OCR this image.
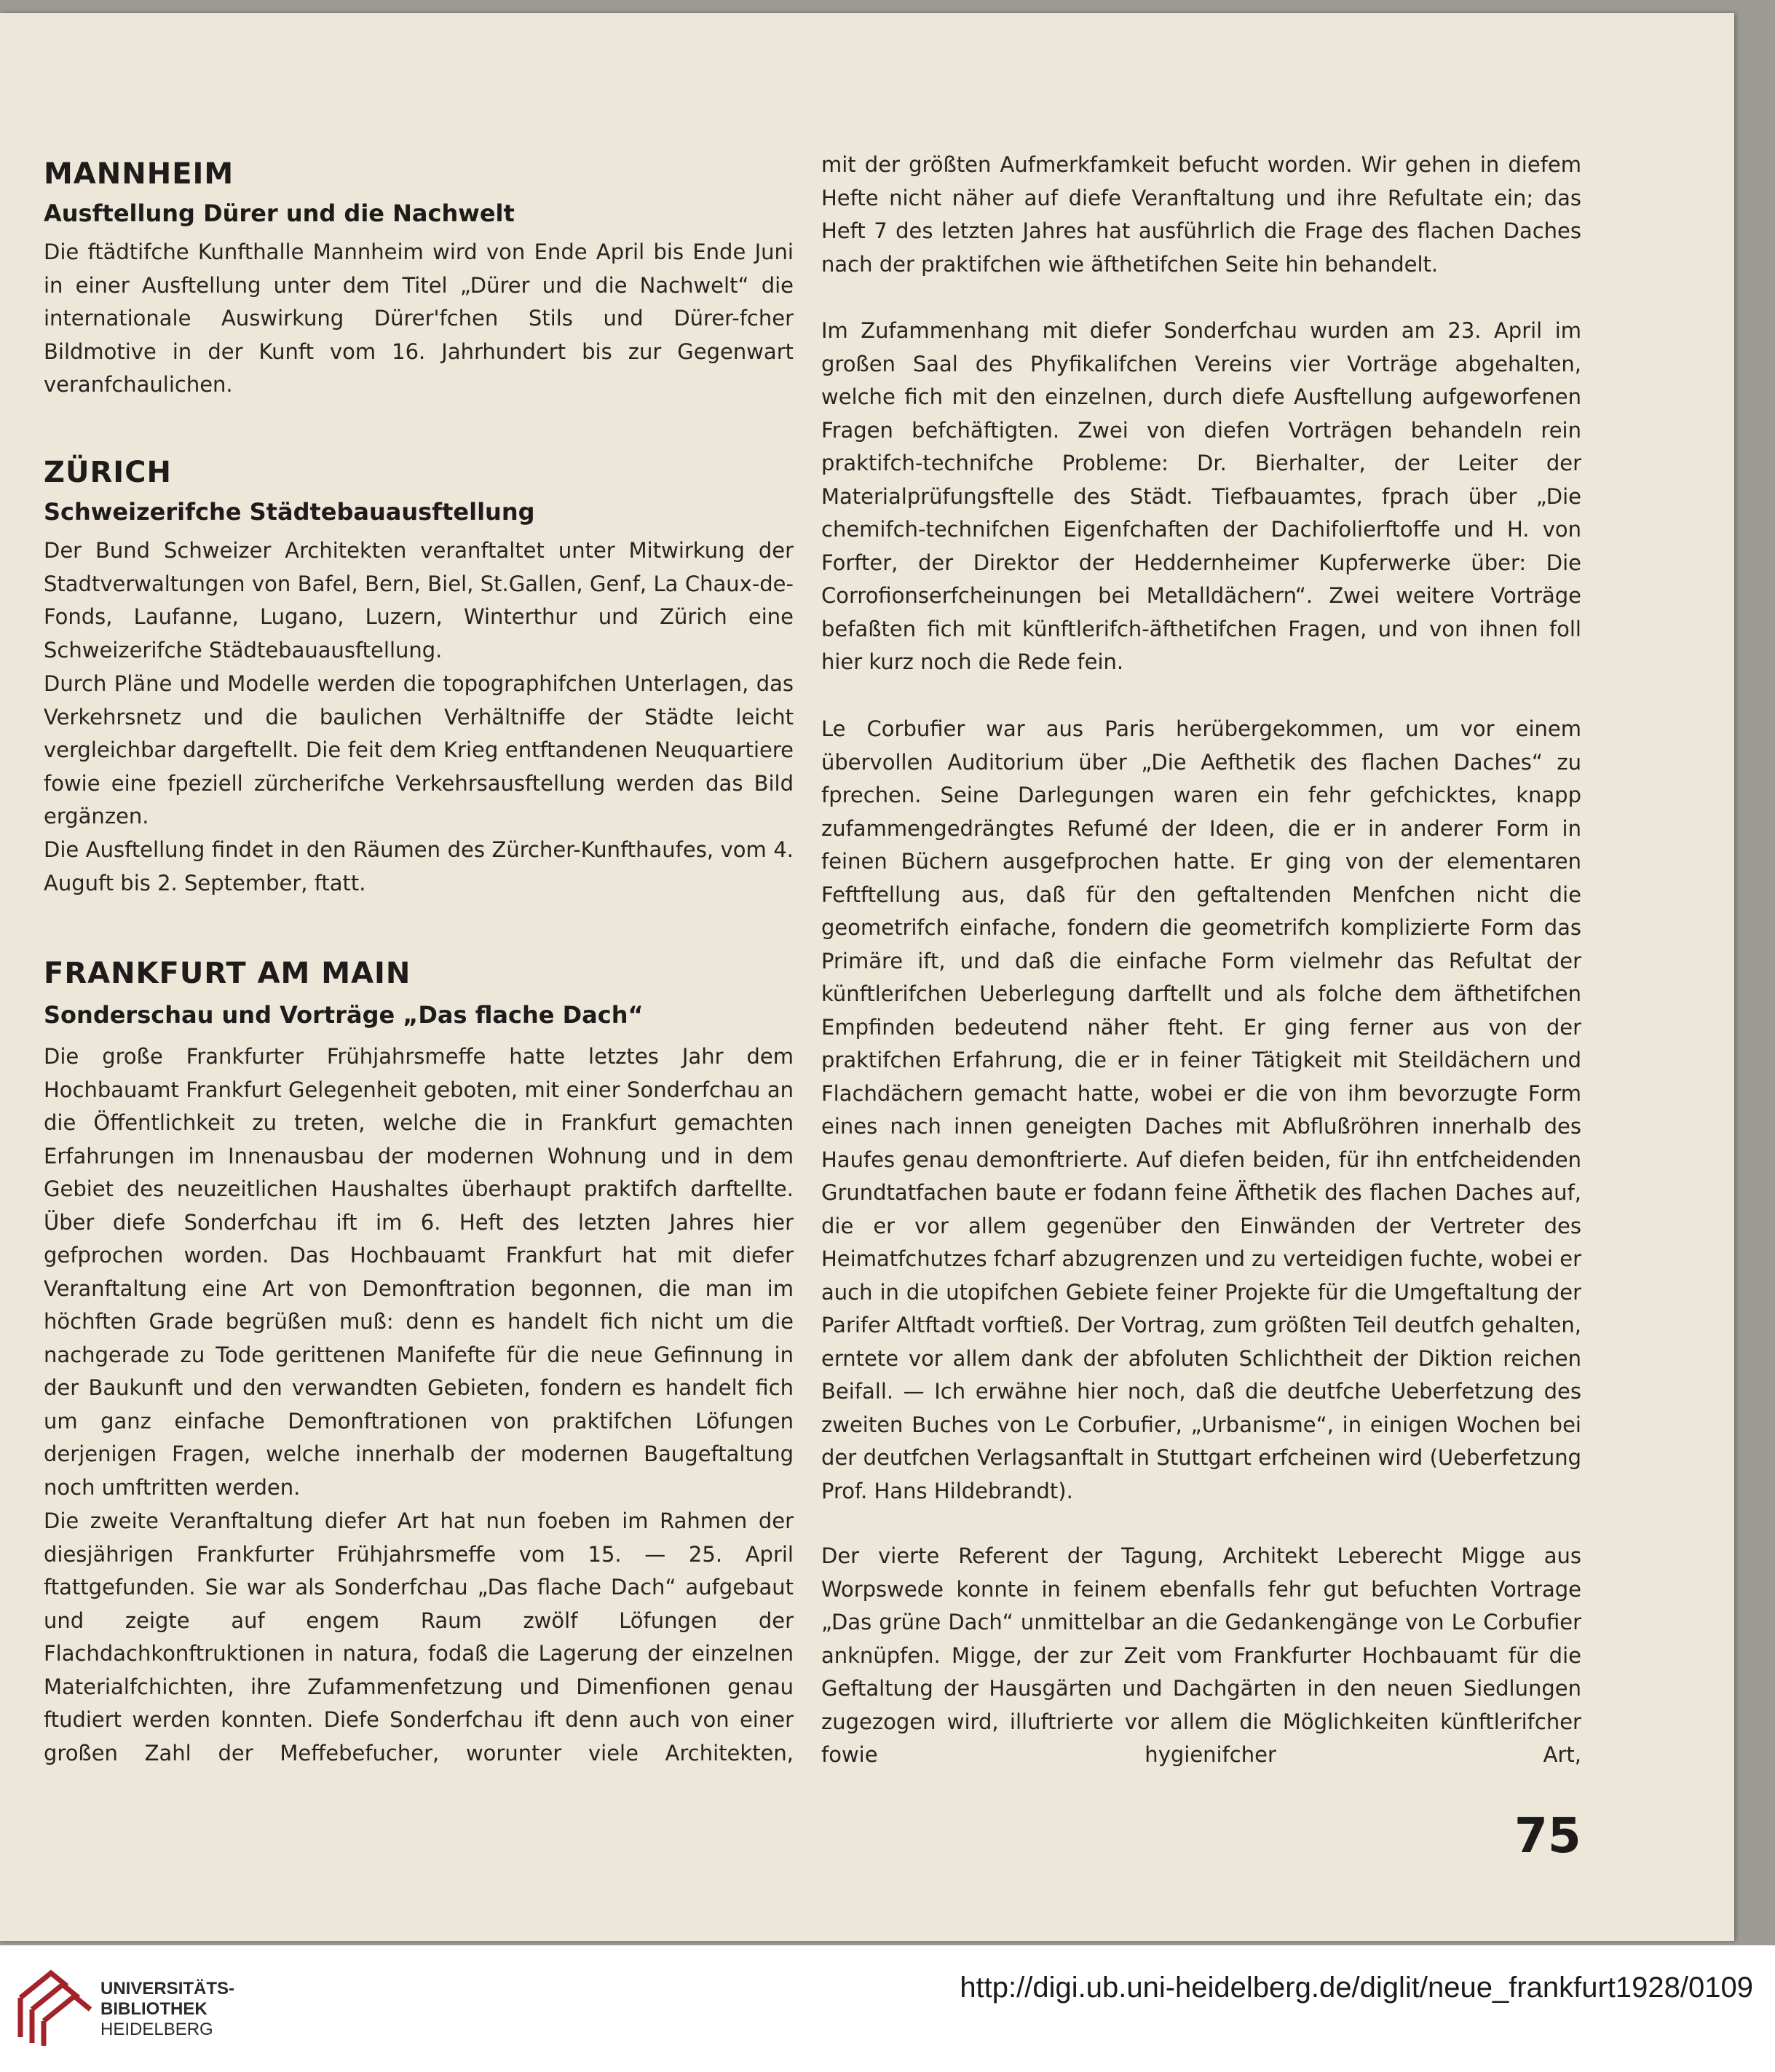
MANNHEIM
Ausftellung Dürer und die Nachwelt

Die ftädtifche Kunfthalle Mannheim wird von Ende April bis Ende Juni in einer Ausftellung unter dem Titel „Dürer und die Nachwelt“ die internationale Auswirkung Dürer'fchen Stils und Dürer-fcher Bildmotive in der Kunft vom 16. Jahrhundert bis zur Gegenwart veranfchaulichen.

ZÜRICH
Schweizerifche Städtebauausftellung

Der Bund Schweizer Architekten veranftaltet unter Mitwirkung der Stadtverwaltungen von Bafel, Bern, Biel, St.Gallen, Genf, La Chaux-de-Fonds, Laufanne, Lugano, Luzern, Winterthur und Zürich eine Schweizerifche Städtebauausftellung.

Durch Pläne und Modelle werden die topographifchen Unterlagen, das Verkehrsnetz und die baulichen Verhältniffe der Städte leicht vergleichbar dargeftellt. Die feit dem Krieg entftandenen Neuquartiere fowie eine fpeziell zürcherifche Verkehrsausftellung werden das Bild ergänzen.

Die Ausftellung findet in den Räumen des Zürcher-Kunfthaufes, vom 4. Auguft bis 2. September, ftatt.

FRANKFURT AM MAIN
Sonderschau und Vorträge „Das flache Dach“

Die große Frankfurter Frühjahrsmeffe hatte letztes Jahr dem Hochbauamt Frankfurt Gelegenheit geboten, mit einer Sonderfchau an die Öffentlichkeit zu treten, welche die in Frankfurt gemachten Erfahrungen im Innenausbau der modernen Wohnung und in dem Gebiet des neuzeitlichen Haushaltes überhaupt praktifch darftellte. Über diefe Sonderfchau ift im 6. Heft des letzten Jahres hier gefprochen worden. Das Hochbauamt Frankfurt hat mit diefer Veranftaltung eine Art von Demonftration begonnen, die man im höchften Grade begrüßen muß: denn es handelt fich nicht um die nachgerade zu Tode gerittenen Manifefte für die neue Gefinnung in der Baukunft und den verwandten Gebieten, fondern es handelt fich um ganz einfache Demonftrationen von praktifchen Löfungen derjenigen Fragen, welche innerhalb der modernen Baugeftaltung noch umftritten werden.

Die zweite Veranftaltung diefer Art hat nun foeben im Rahmen der diesjährigen Frankfurter Frühjahrsmeffe vom 15. — 25. April ftattgefunden. Sie war als Sonderfchau „Das flache Dach“ aufgebaut und zeigte auf engem Raum zwölf Löfungen der Flachdachkonftruktionen in natura, fodaß die Lagerung der einzelnen Materialfchichten, ihre Zufammenfetzung und Dimenfionen genau ftudiert werden konnten. Diefe Sonderfchau ift denn auch von einer großen Zahl der Meffebefucher, worunter viele Architekten,

mit der größten Aufmerkfamkeit befucht worden. Wir gehen in diefem Hefte nicht näher auf diefe Veranftaltung und ihre Refultate ein; das Heft 7 des letzten Jahres hat ausführlich die Frage des flachen Daches nach der praktifchen wie äfthetifchen Seite hin behandelt.

Im Zufammenhang mit diefer Sonderfchau wurden am 23. April im großen Saal des Phyfikalifchen Vereins vier Vorträge abgehalten, welche fich mit den einzelnen, durch diefe Ausftellung aufgeworfenen Fragen befchäftigten. Zwei von diefen Vorträgen behandeln rein praktifch-technifche Probleme: Dr. Bierhalter, der Leiter der Materialprüfungsftelle des Städt. Tiefbauamtes, fprach über „Die chemifch-technifchen Eigenfchaften der Dachifolierftoffe und H. von Forfter, der Direktor der Heddernheimer Kupferwerke über: Die Corrofionserfcheinungen bei Metalldächern“. Zwei weitere Vorträge befaßten fich mit künftlerifch-äfthetifchen Fragen, und von ihnen foll hier kurz noch die Rede fein.

Le Corbufier war aus Paris herübergekommen, um vor einem übervollen Auditorium über „Die Aefthetik des flachen Daches“ zu fprechen. Seine Darlegungen waren ein fehr gefchicktes, knapp zufammengedrängtes Refumé der Ideen, die er in anderer Form in feinen Büchern ausgefprochen hatte. Er ging von der elementaren Feftftellung aus, daß für den geftaltenden Menfchen nicht die geometrifch einfache, fondern die geometrifch komplizierte Form das Primäre ift, und daß die einfache Form vielmehr das Refultat der künftlerifchen Ueberlegung darftellt und als folche dem äfthetifchen Empfinden bedeutend näher fteht. Er ging ferner aus von der praktifchen Erfahrung, die er in feiner Tätigkeit mit Steildächern und Flachdächern gemacht hatte, wobei er die von ihm bevorzugte Form eines nach innen geneigten Daches mit Abflußröhren innerhalb des Haufes genau demonftrierte. Auf diefen beiden, für ihn entfcheidenden Grundtatfachen baute er fodann feine Äfthetik des flachen Daches auf, die er vor allem gegenüber den Einwänden der Vertreter des Heimatfchutzes fcharf abzugrenzen und zu verteidigen fuchte, wobei er auch in die utopifchen Gebiete feiner Projekte für die Umgeftaltung der Parifer Altftadt vorftieß. Der Vortrag, zum größten Teil deutfch gehalten, erntete vor allem dank der abfoluten Schlichtheit der Diktion reichen Beifall. — Ich erwähne hier noch, daß die deutfche Ueberfetzung des zweiten Buches von Le Corbufier, „Urbanisme“, in einigen Wochen bei der deutfchen Verlagsanftalt in Stuttgart erfcheinen wird (Ueberfetzung Prof. Hans Hildebrandt).

Der vierte Referent der Tagung, Architekt Leberecht Migge aus Worpswede konnte in feinem ebenfalls fehr gut befuchten Vortrage „Das grüne Dach“ unmittelbar an die Gedankengänge von Le Corbufier anknüpfen. Migge, der zur Zeit vom Frankfurter Hochbauamt für die Geftaltung der Hausgärten und Dachgärten in den neuen Siedlungen zugezogen wird, illuftrierte vor allem die Möglichkeiten künftlerifcher fowie hygienifcher Art,

75

UNIVERSITÄTS-
BIBLIOTHEK
HEIDELBERG

http://digi.ub.uni-heidelberg.de/diglit/neue_frankfurt1928/0109
